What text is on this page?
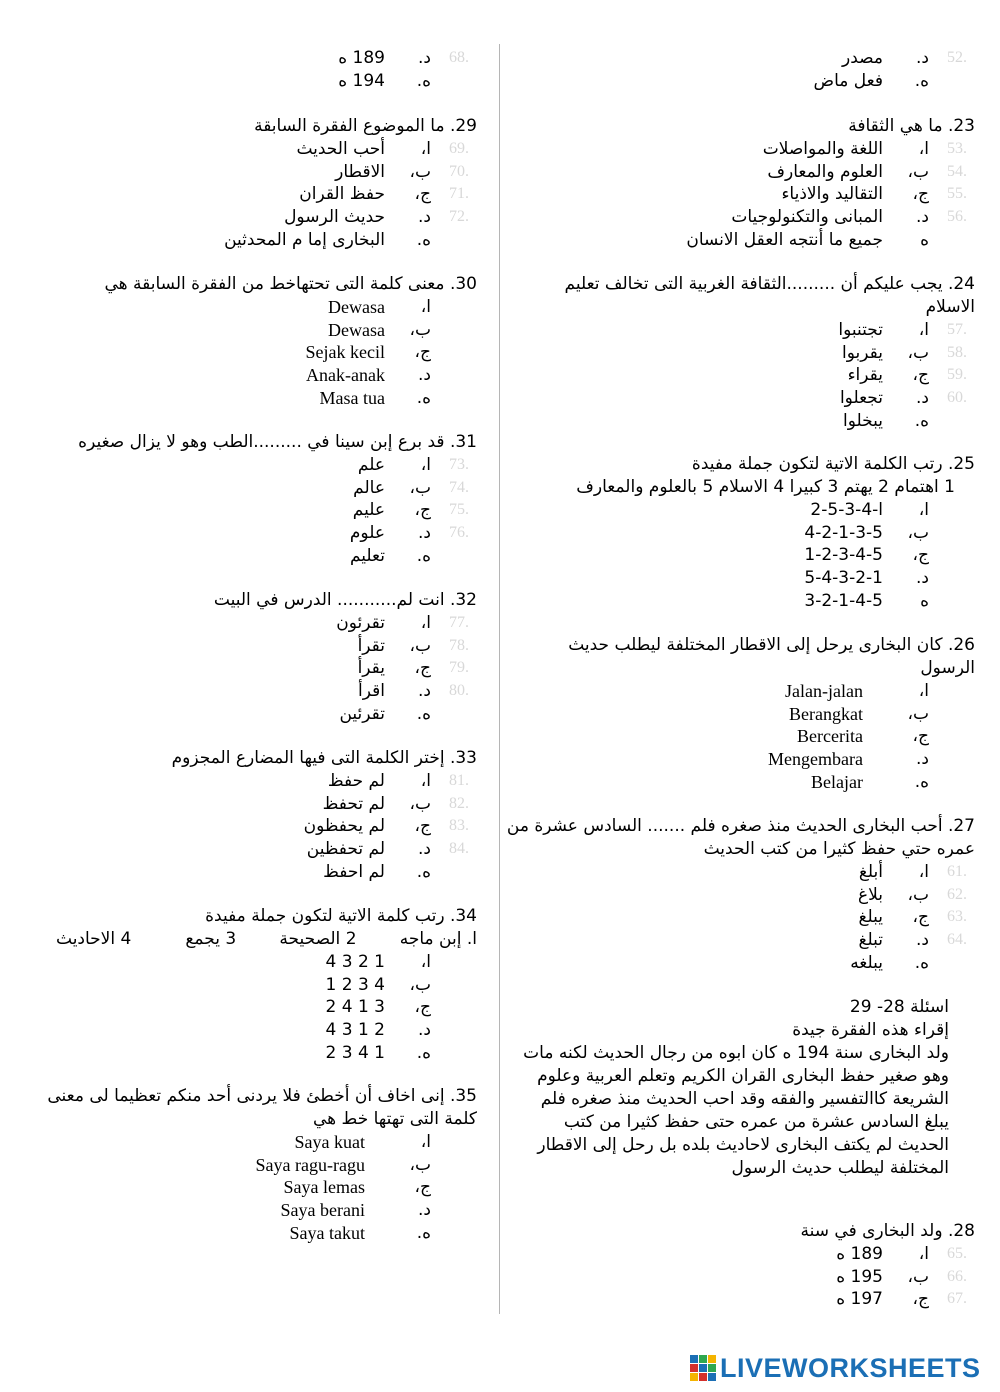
52.
د.
مصدر
ه.
فعل ماض
23. ما هي الثقافة
53.
ا،
اللغة والمواصلات
54.
ب،
العلوم والمعارف
55.
ج،
التقاليد والاذياء
56.
د.
المبانى والتكنولوجيات
ه
جميع ما أنتجه العقل الانسان
24. يجب عليكم أن .........الثقافة الغربية التى تخالف تعليم الاسلام
57.
ا،
تجتنبوا
58.
ب،
يقربوا
59.
ج،
يقراء
60.
د.
تجعلوا
ه.
يبخلوا
25. رتب الكلمة الاتية لتكون جملة مفيدة
1 اهتمام 2 يهتم 3 كبيرا 4 الاسلام 5 بالعلوم والمعارف
ا،
ا-4-3-5-2
ب،
4-2-1-3-5
ج،
1-2-3-4-5
د.
5-4-3-2-1
ه
3-2-1-4-5
26. كان البخارى يرحل إلى الاقطار المختلفة ليطلب حديث الرسول
ا،
Jalan-jalan
ب،
Berangkat
ج،
Bercerita
د.
Mengembara
ه.
Belajar
27. أحب البخارى الحديث منذ صغره فلم ....... السادس عشرة من عمره حتي حفظ كثيرا من كتب الحديث
61.
ا،
أبلغ
62.
ب،
بلاغ
63.
ج،
يبلغ
64.
د.
تبلغ
ه.
يبلغه
اسئلة 28- 29
إقراء هذه الفقرة جيدة
ولد البخارى سنة 194 ه كان ابوه من رجال الحديث لكنه مات وهو صغير حفظ البخارى القران الكريم وتعلم العربية وعلوم الشريعة كاالتفسير والفقه وقد احب الحديث منذ صغره فلم يبلغ السادس عشرة من عمره حتى حفظ كثيرا من كتب الحديث لم يكتف البخارى لاحاديث بلده بل رحل إلى الاقطار المختلفة ليطلب حديث الرسول
28. ولد البخارى في سنة
65.
ا،
189 ه
66.
ب،
195 ه
67.
ج،
197 ه
68.
د.
189 ه
ه.
194 ه
29. ما الموضوع الفقرة السابقة
69.
ا،
أحب الحديث
70.
ب،
الاقطار
71.
ج،
حفظ القران
72.
د.
حديث الرسول
ه.
البخارى إما م المحدثين
30. معنى كلمة التى تحتهاخط من الفقرة السابقة هي
ا،
Dewasa
ب،
Dewasa
ج،
Sejak kecil
د.
Anak-anak
ه.
Masa tua
31. قد برع إبن سينا في .........الطب وهو لا يزال صغيره
73.
ا،
علم
74.
ب،
عالم
75.
ج،
عليم
76.
د.
علوم
ه.
تعليم
32. انت لم........... الدرس في البيت
77.
ا،
تقرئون
78.
ب،
تقرأ
79.
ج،
يقرأ
80.
د.
اقرأ
ه.
تقرئين
33. إختر الكلمة التى فيها المضارع المجزوم
81.
ا،
لم حفظ
82.
ب،
لم تحفظ
83.
ج،
لم يحفظون
84.
د.
لم تحفظين
ه.
لم احفظ
34. رتب كلمة الاتية لتكون جملة مفيدة
ا. إبن ماجه        2 الصحيحة        3 يجمع          4 الاحاديث
ا،
1 2 3 4
ب،
4 3 2 1
ج،
3 1 4 2
د.
2 1 3 4
ه.
1 4 3 2
35. إنى اخاف أن أخطئ فلا يردنى أحد منكم تعظيما لى معنى كلمة التى تهتها خط هي
ا،
Saya kuat
ب،
Saya ragu-ragu
ج،
Saya lemas
د.
Saya berani
ه.
Saya takut
LIVEWORKSHEETS
